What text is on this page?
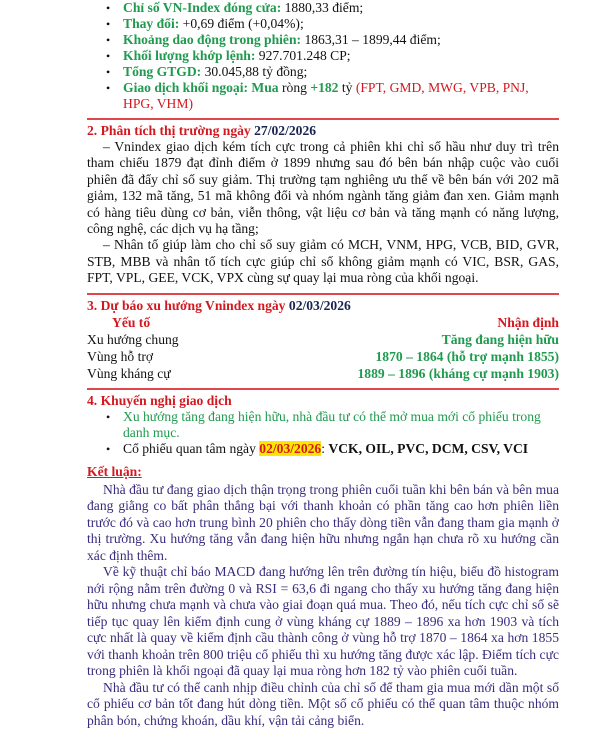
• Chỉ số VN-Index đóng cửa: 1880,33 điểm;
• Thay đổi: +0,69 điểm (+0,04%);
• Khoảng dao động trong phiên: 1863,31 – 1899,44 điểm;
• Khối lượng khớp lệnh: 927.701.248 CP;
• Tổng GTGD: 30.045,88 tỷ đồng;
• Giao dịch khối ngoại: Mua ròng +182 tỷ (FPT, GMD, MWG, VPB, PNJ, HPG, VHM)
2. Phân tích thị trường ngày 27/02/2026

– Vnindex giao dịch kém tích cực trong cả phiên khi chỉ số hầu như duy trì trên tham chiếu 1879 đạt đỉnh điểm ở 1899 nhưng sau đó bên bán nhập cuộc vào cuối phiên đã đẩy chỉ số suy giảm. Thị trường tạm nghiêng ưu thế về bên bán với 202 mã giảm, 132 mã tăng, 51 mã không đổi và nhóm ngành tăng giảm đan xen. Giảm mạnh có hàng tiêu dùng cơ bản, viễn thông, vật liệu cơ bản và tăng mạnh có năng lượng, công nghệ, các dịch vụ hạ tầng;

– Nhân tố giúp làm cho chỉ số suy giảm có MCH, VNM, HPG, VCB, BID, GVR, STB, MBB và nhân tố tích cực giúp chỉ số không giảm mạnh có VIC, BSR, GAS, FPT, VPL, GEE, VCK, VPX cùng sự quay lại mua ròng của khối ngoại.

3. Dự báo xu hướng Vnindex ngày 02/03/2026
Yếu tố	Nhận định
Xu hướng chung	Tăng đang hiện hữu
Vùng hỗ trợ	1870 – 1864 (hỗ trợ mạnh 1855)
Vùng kháng cự	1889 – 1896 (kháng cự mạnh 1903)
4. Khuyến nghị giao dịch
• Xu hướng tăng đang hiện hữu, nhà đầu tư có thể mở mua mới cổ phiếu trong danh mục.
• Cổ phiếu quan tâm ngày 02/03/2026: VCK, OIL, PVC, DCM, CSV, VCI
Kết luận:

Nhà đầu tư đang giao dịch thận trọng trong phiên cuối tuần khi bên bán và bên mua đang giằng co bất phân thắng bại với thanh khoản có phần tăng cao hơn phiên liền trước đó và cao hơn trung bình 20 phiên cho thấy dòng tiền vẫn đang tham gia mạnh ở thị trường. Xu hướng tăng vẫn đang hiện hữu nhưng ngắn hạn chưa rõ xu hướng cần xác định thêm.

Về kỹ thuật chỉ báo MACD đang hướng lên trên đường tín hiệu, biểu đồ histogram nới rộng nằm trên đường 0 và RSI = 63,6 đi ngang cho thấy xu hướng tăng đang hiện hữu nhưng chưa mạnh và chưa vào giai đoạn quá mua. Theo đó, nếu tích cực chỉ số sẽ tiếp tục quay lên kiểm định cung ở vùng kháng cự 1889 – 1896 xa hơn 1903 và tích cực nhất là quay về kiểm định cầu thành công ở vùng hỗ trợ 1870 – 1864 xa hơn 1855 với thanh khoản trên 800 triệu cổ phiếu thì xu hướng tăng được xác lập. Điểm tích cực trong phiên là khối ngoại đã quay lại mua ròng hơn 182 tỷ vào phiên cuối tuần.

Nhà đầu tư có thể canh nhịp điều chỉnh của chỉ số để tham gia mua mới dần một số cổ phiếu cơ bản tốt đang hút dòng tiền. Một số cổ phiếu có thể quan tâm thuộc nhóm phân bón, chứng khoán, dầu khí, vận tải cảng biển.
